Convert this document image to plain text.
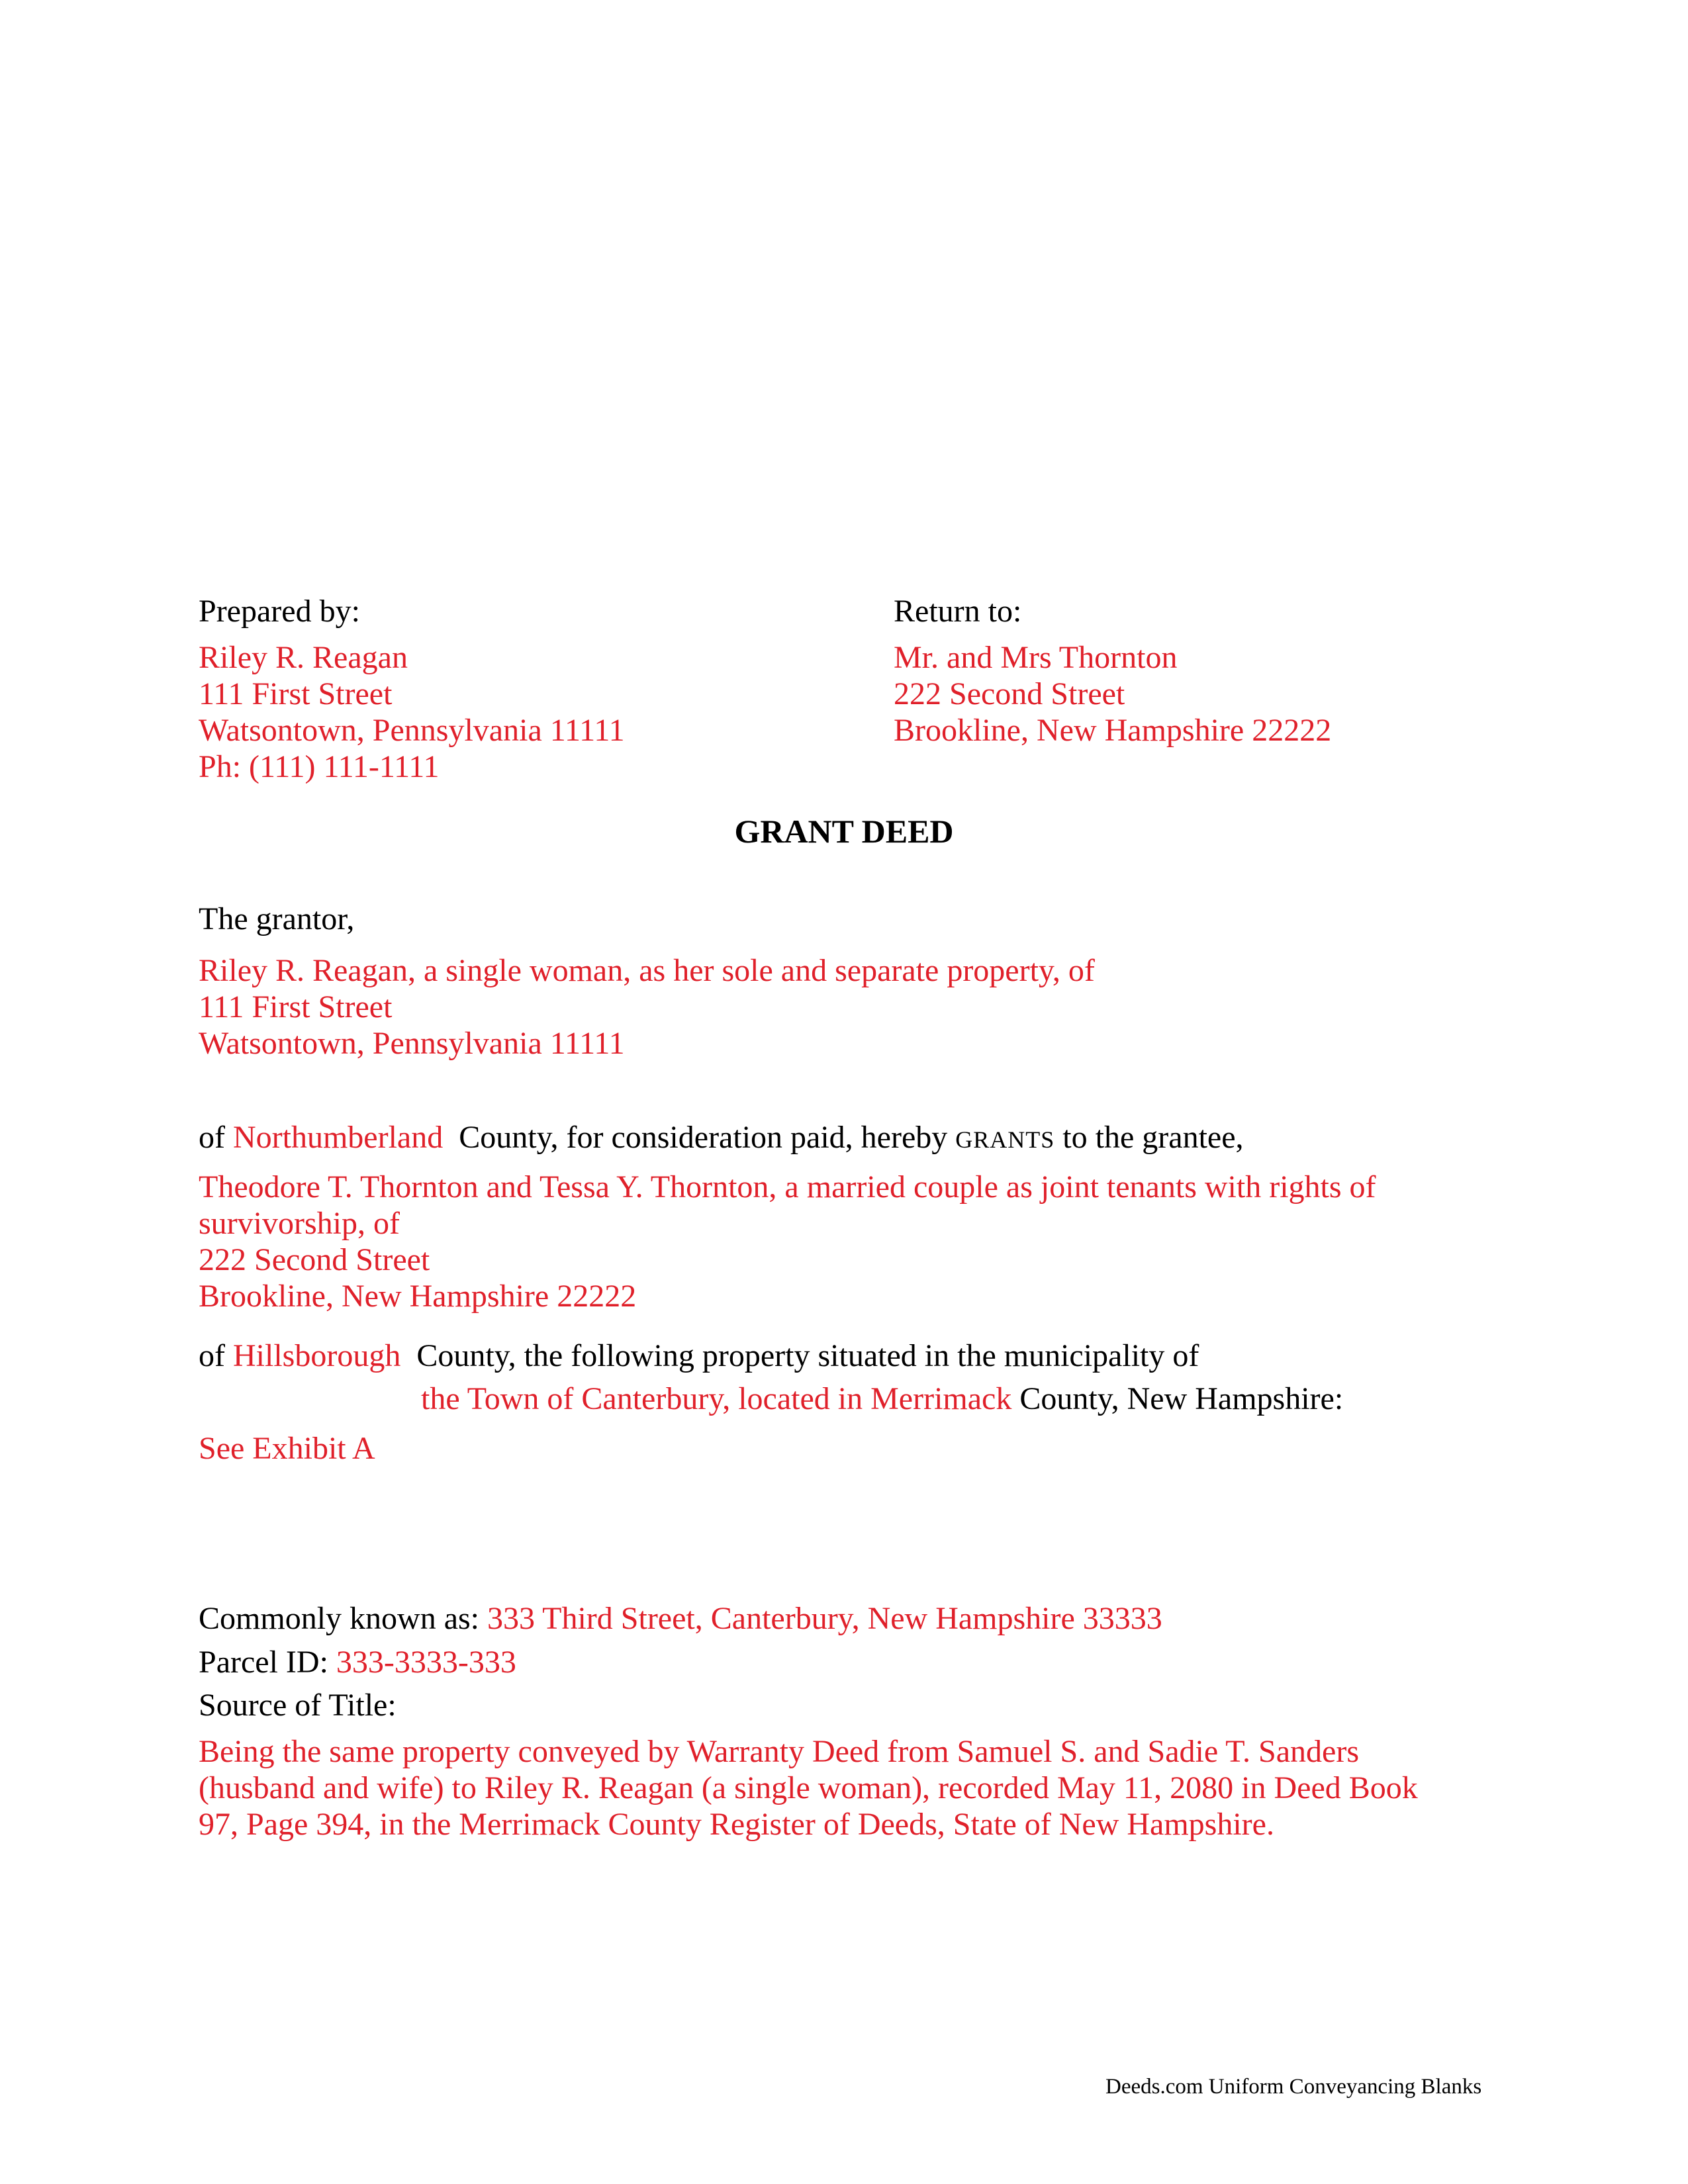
Prepared by:
Riley R. Reagan
111 First Street
Watsontown, Pennsylvania 11111
Ph: (111) 111-1111
Return to:
Mr. and Mrs Thornton
222 Second Street
Brookline, New Hampshire 22222
GRANT DEED
The grantor,
Riley R. Reagan, a single woman, as her sole and separate property, of
111 First Street
Watsontown, Pennsylvania 11111
of Northumberland County, for consideration paid, hereby GRANTS to the grantee,
Theodore T. Thornton and Tessa Y. Thornton, a married couple as joint tenants with rights of
survivorship, of
222 Second Street
Brookline, New Hampshire 22222
of Hillsborough County, the following property situated in the municipality of
the Town of Canterbury, located in Merrimack County, New Hampshire:
See Exhibit A
Commonly known as: 333 Third Street, Canterbury, New Hampshire 33333
Parcel ID: 333-3333-333
Source of Title:
Being the same property conveyed by Warranty Deed from Samuel S. and Sadie T. Sanders
(husband and wife) to Riley R. Reagan (a single woman), recorded May 11, 2080 in Deed Book
97, Page 394, in the Merrimack County Register of Deeds, State of New Hampshire.
Deeds.com Uniform Conveyancing Blanks
